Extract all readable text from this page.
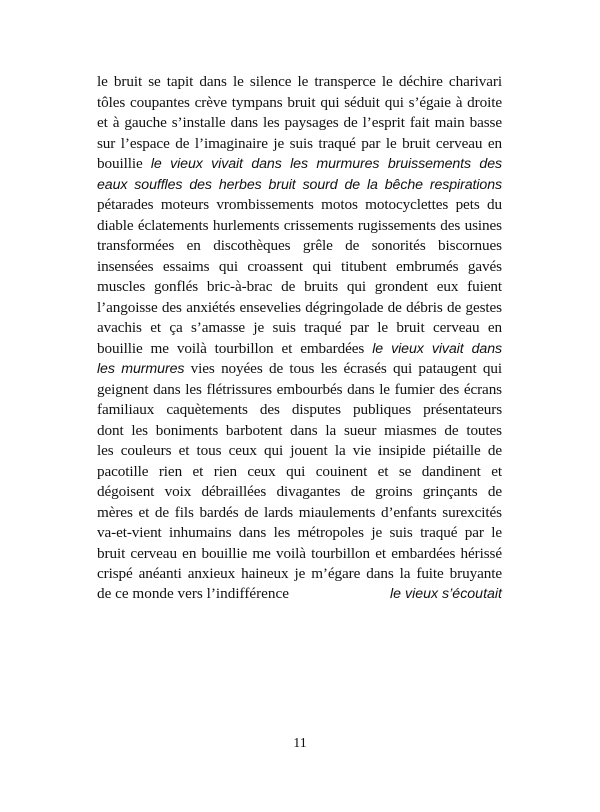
le bruit se tapit dans le silence le transperce le déchire charivari
tôles coupantes crève tympans bruit qui séduit qui s’égaie à droite
et à gauche s’installe dans les paysages de l’esprit fait main basse
sur l’espace de l’imaginaire je suis traqué par le bruit cerveau en
bouillie le vieux vivait dans les murmures bruissements des
eaux souffles des herbes bruit sourd de la bêche respirations
pétarades moteurs vrombissements motos motocyclettes pets du
diable éclatements hurlements crissements rugissements des usines
transformées en discothèques grêle de sonorités biscornues
insensées essaims qui croassent qui titubent embrumés gavés
muscles gonflés bric-à-brac de bruits qui grondent eux fuient
l’angoisse des anxiétés ensevelies dégringolade de débris de gestes
avachis et ça s’amasse je suis traqué par le bruit cerveau en
bouillie me voilà tourbillon et embardées le vieux vivait dans
les murmures vies noyées de tous les écrasés qui pataugent qui
geignent dans les flétrissures embourbés dans le fumier des écrans
familiaux caquètements des disputes publiques présentateurs
dont les boniments barbotent dans la sueur miasmes de toutes
les couleurs et tous ceux qui jouent la vie insipide piétaille de
pacotille rien et rien ceux qui couinent et se dandinent et
dégoisent voix débraillées divagantes de groins grinçants de
mères et de fils bardés de lards miaulements d’enfants surexcités
va-et-vient inhumains dans les métropoles je suis traqué par le
bruit cerveau en bouillie me voilà tourbillon et embardées hérissé
crispé anéanti anxieux haineux je m’égare dans la fuite bruyante
de ce monde vers l’indifférence	le vieux s’écoutait
11
